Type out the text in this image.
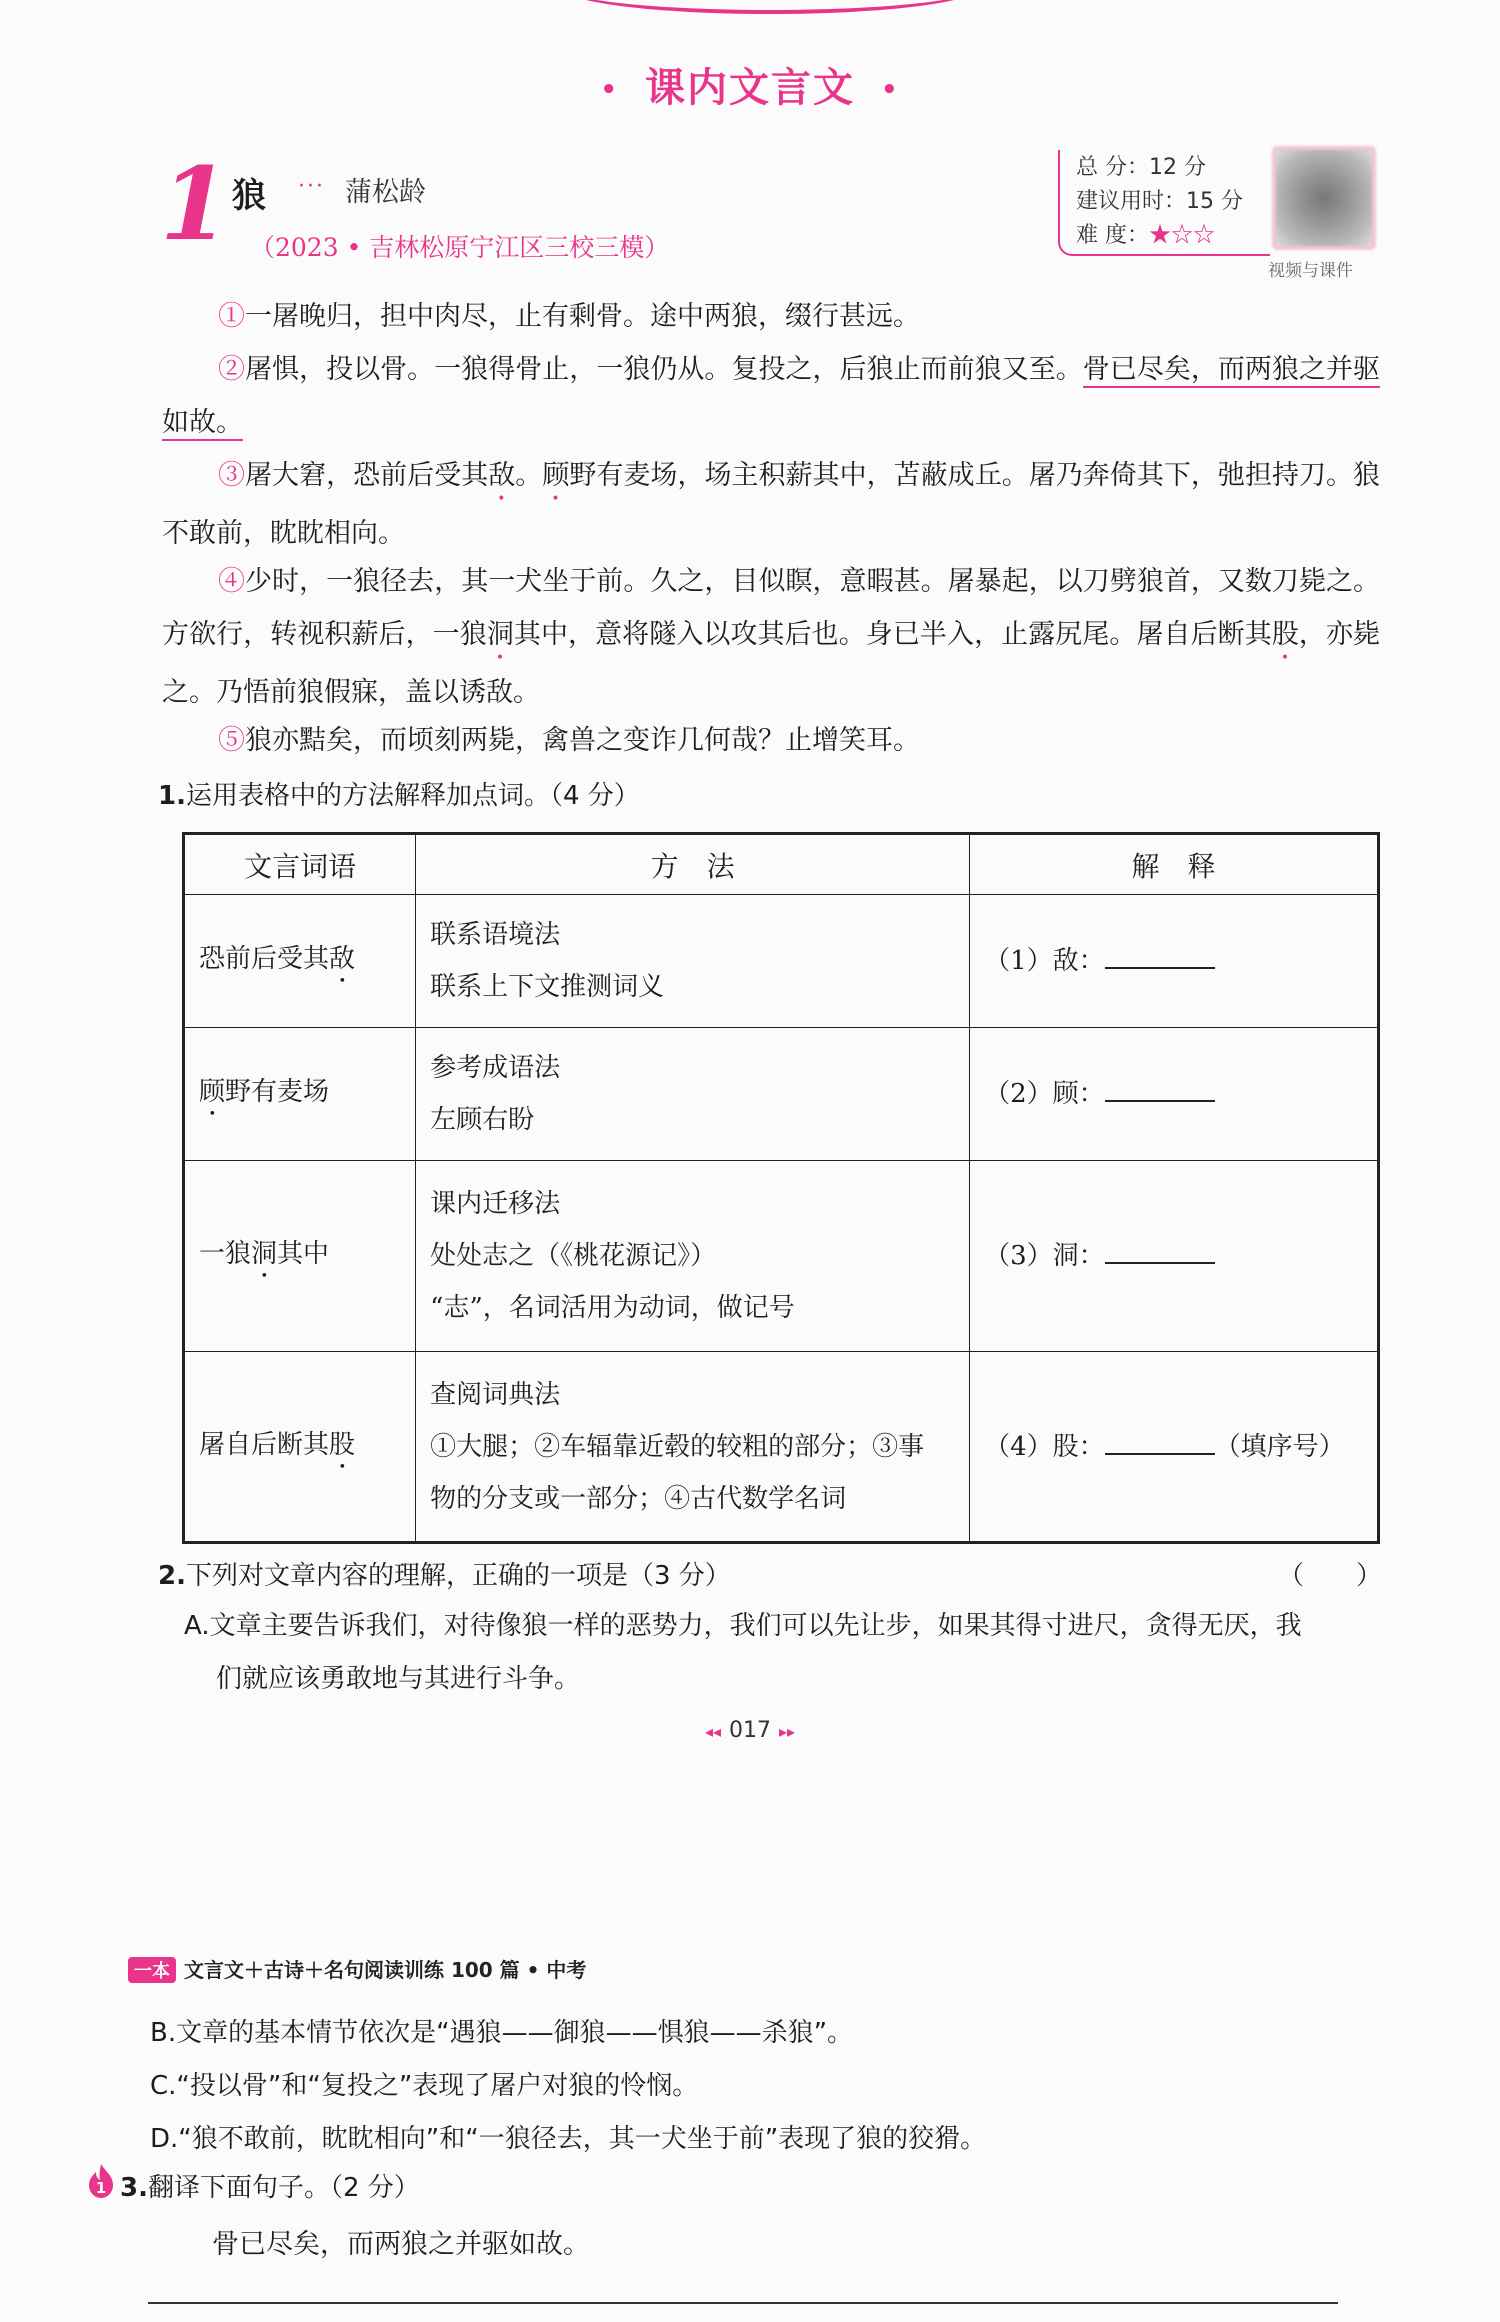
• 课内文言文 •
1 狼 ··· 蒲松龄
（2023 • 吉林松原宁江区三校三模）
总 分：12 分
建议用时：15 分
难 度：★☆☆
视频与课件
①一屠晚归，担中肉尽，止有剩骨。途中两狼，缀行甚远。
②屠惧，投以骨。一狼得骨止，一狼仍从。复投之，后狼止而前狼又至。骨已尽矣，而两狼之并驱如故。
③屠大窘，恐前后受其敌。顾野有麦场，场主积薪其中，苫蔽成丘。屠乃奔倚其下，弛担持刀。狼不敢前，眈眈相向。
④少时，一狼径去，其一犬坐于前。久之，目似瞑，意暇甚。屠暴起，以刀劈狼首，又数刀毙之。方欲行，转视积薪后，一狼洞其中，意将隧入以攻其后也。身已半入，止露尻尾。屠自后断其股，亦毙之。乃悟前狼假寐，盖以诱敌。
⑤狼亦黠矣，而顷刻两毙，禽兽之变诈几何哉？止增笑耳。
1.运用表格中的方法解释加点词。（4 分）
文言词语	方　法	解　释
恐前后受其敌	联系语境法
联系上下文推测词义	（1）敌：
顾野有麦场	参考成语法
左顾右盼	（2）顾：
一狼洞其中	课内迁移法
处处志之（《桃花源记》）
“志”，名词活用为动词，做记号	（3）洞：
屠自后断其股	查阅词典法
①大腿；②车辐靠近毂的较粗的部分；③事
物的分支或一部分；④古代数学名词	（4）股： （填序号）
2.下列对文章内容的理解，正确的一项是（3 分）	（　　）
A.文章主要告诉我们，对待像狼一样的恶势力，我们可以先让步，如果其得寸进尺，贪得无厌，我
们就应该勇敢地与其进行斗争。
◂◂ 017 ▸▸
一本 文言文＋古诗＋名句阅读训练 100 篇 • 中考
B.文章的基本情节依次是“遇狼——御狼——惧狼——杀狼”。
C.“投以骨”和“复投之”表现了屠户对狼的怜悯。
D.“狼不敢前，眈眈相向”和“一狼径去，其一犬坐于前”表现了狼的狡猾。
1 3.翻译下面句子。（2 分）
骨已尽矣，而两狼之并驱如故。
